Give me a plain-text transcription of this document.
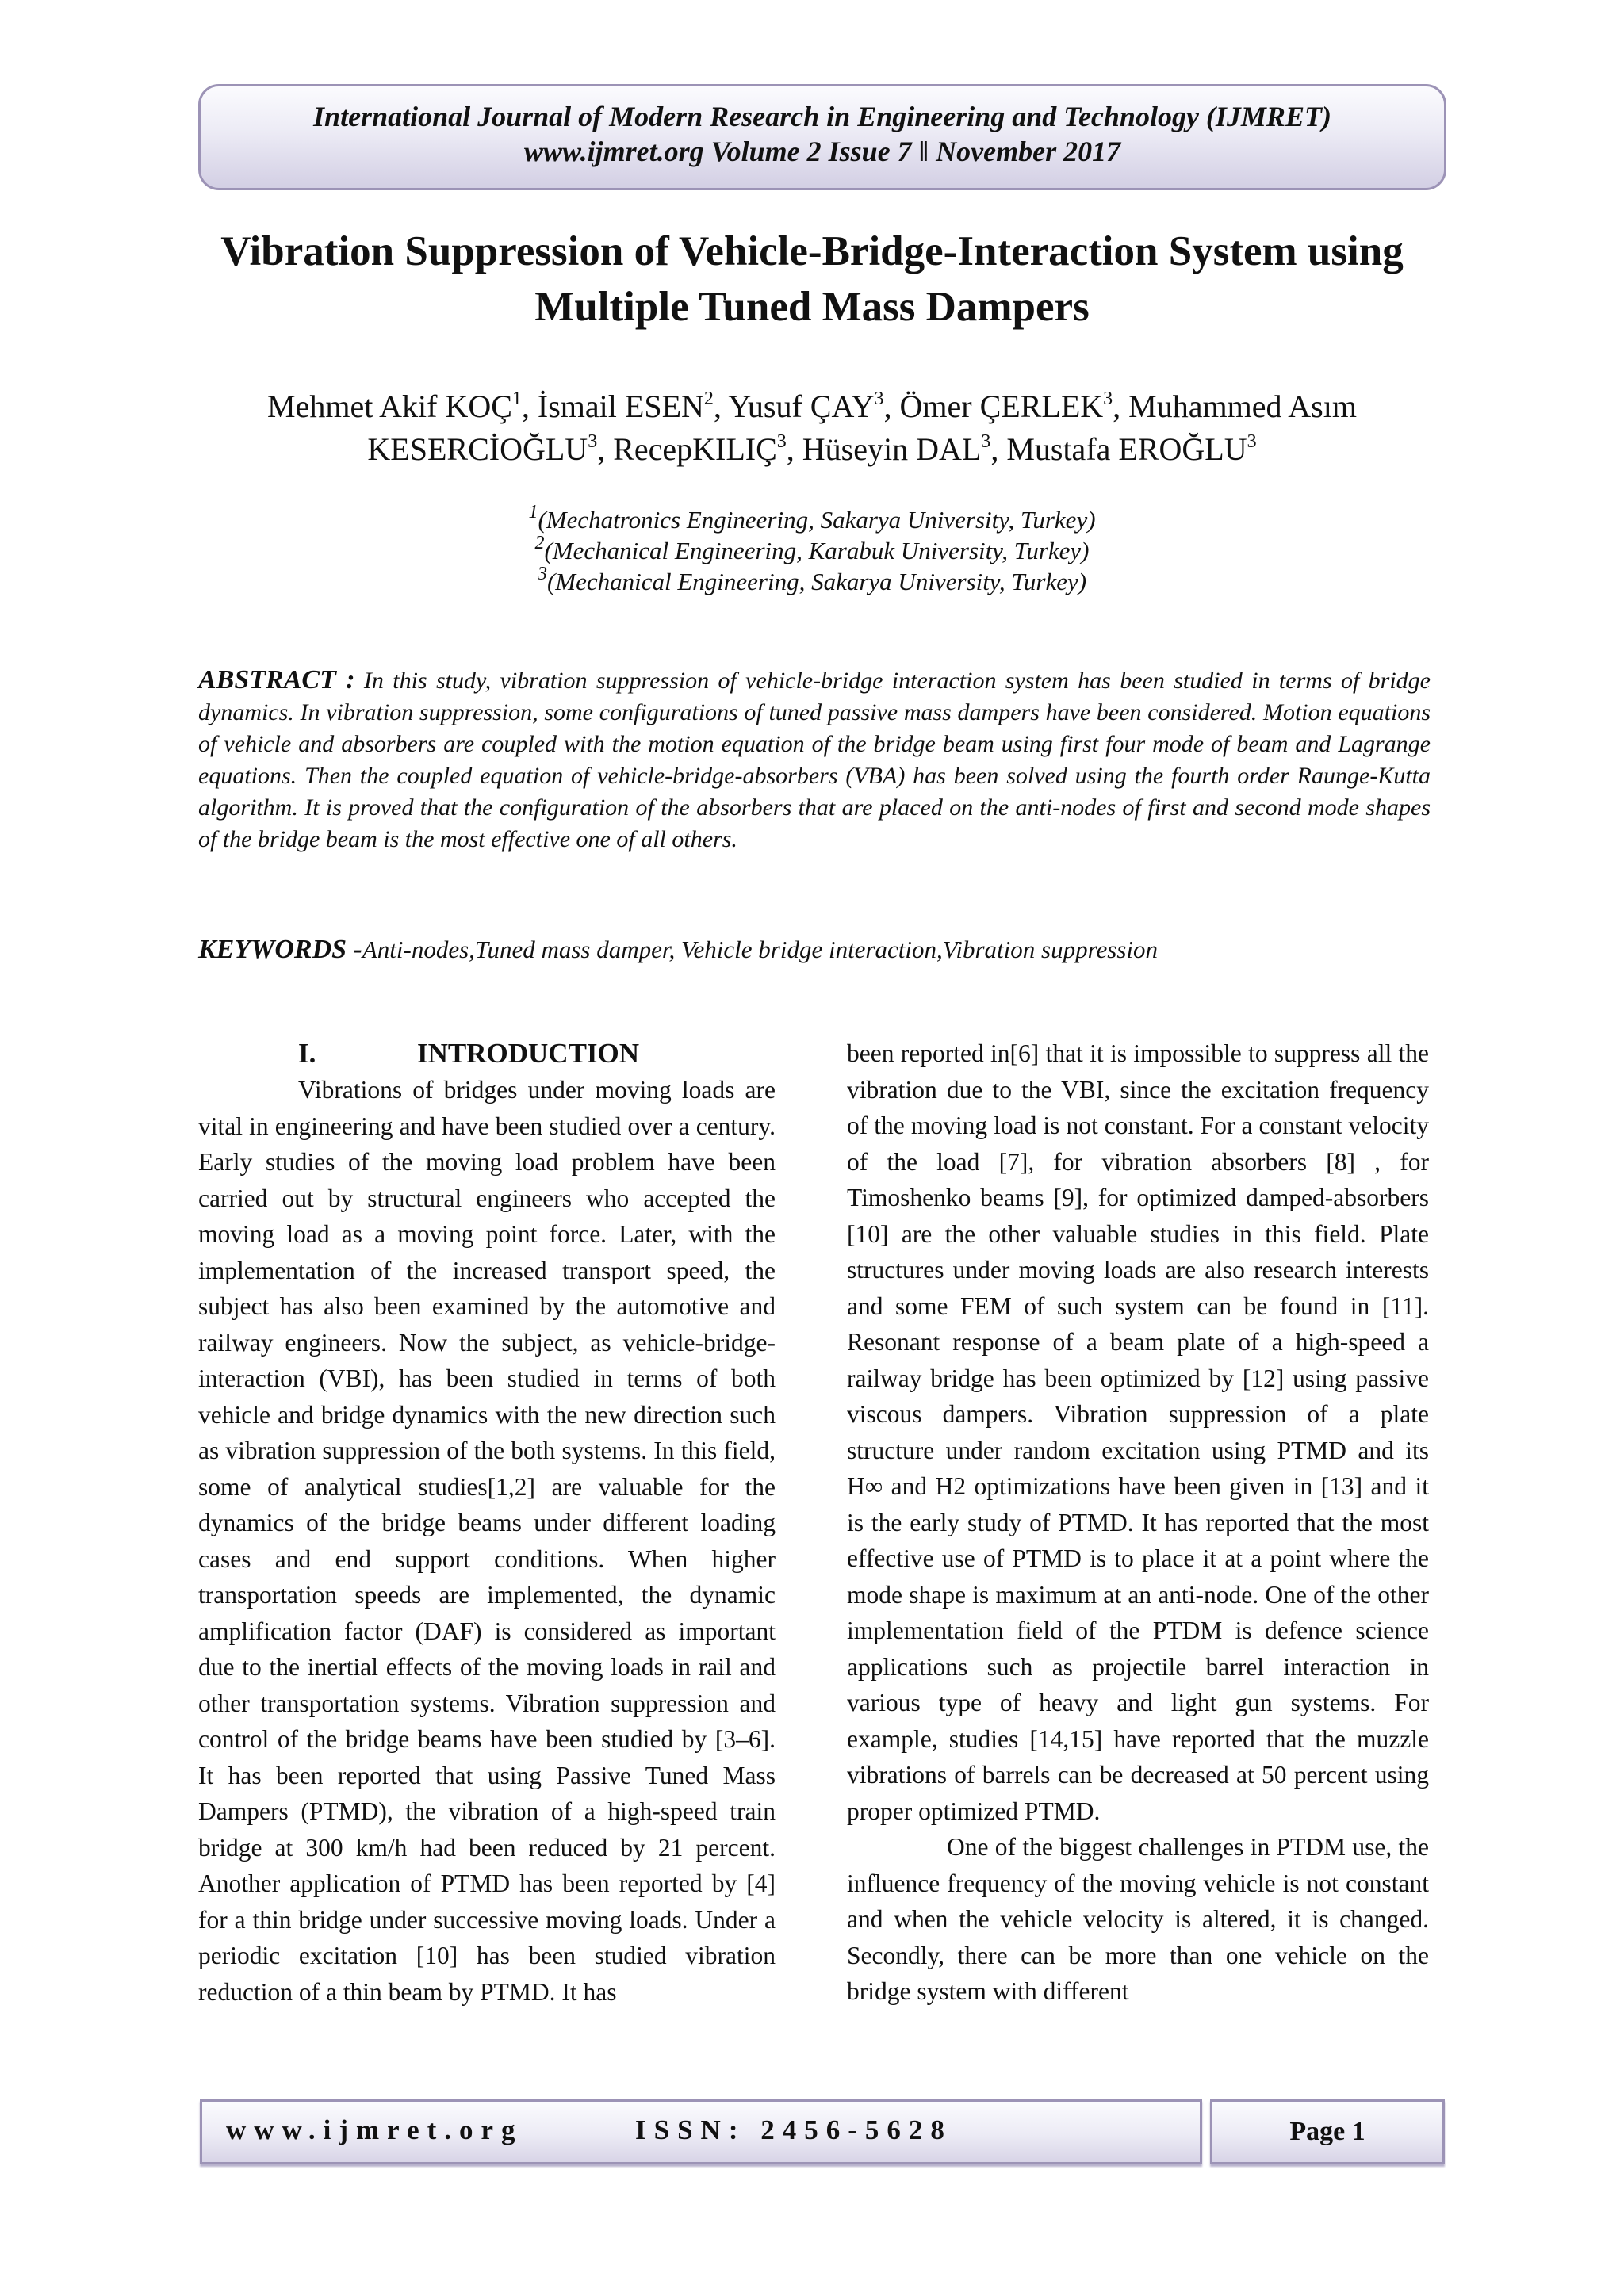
International Journal of Modern Research in Engineering and Technology (IJMRET)
www.ijmret.org Volume 2 Issue 7 ǁ November 2017
Vibration Suppression of Vehicle-Bridge-Interaction System using
Multiple Tuned Mass Dampers
Mehmet Akif KOÇ$^1$, İsmail ESEN$^2$, Yusuf ÇAY$^3$, Ömer ÇERLEK$^3$, Muhammed Asım KESERCİOĞLU$^3$, RecepKILIÇ$^3$, Hüseyin DAL$^3$, Mustafa EROĞLU$^3$
$^1$(Mechatronics Engineering, Sakarya University, Turkey)
$^2$(Mechanical Engineering, Karabuk University, Turkey)
$^3$(Mechanical Engineering, Sakarya University, Turkey)
ABSTRACT : In this study, vibration suppression of vehicle-bridge interaction system has been studied in terms of bridge dynamics. In vibration suppression, some configurations of tuned passive mass dampers have been considered. Motion equations of vehicle and absorbers are coupled with the motion equation of the bridge beam using first four mode of beam and Lagrange equations. Then the coupled equation of vehicle-bridge-absorbers (VBA) has been solved using the fourth order Raunge-Kutta algorithm. It is proved that the configuration of the absorbers that are placed on the anti-nodes of first and second mode shapes of the bridge beam is the most effective one of all others.
KEYWORDS -Anti-nodes,Tuned mass damper, Vehicle bridge interaction,Vibration suppression
I.	INTRODUCTION

Vibrations of bridges under moving loads are vital in engineering and have been studied over a century. Early studies of the moving load problem have been carried out by structural engineers who accepted the moving load as a moving point force. Later, with the implementation of the increased transport speed, the subject has also been examined by the automotive and railway engineers. Now the subject, as vehicle-bridge-interaction (VBI), has been studied in terms of both vehicle and bridge dynamics with the new direction such as vibration suppression of the both systems. In this field, some of analytical studies[1,2] are valuable for the dynamics of the bridge beams under different loading cases and end support conditions. When higher transportation speeds are implemented, the dynamic amplification factor (DAF) is considered as important due to the inertial effects of the moving loads in rail and other transportation systems. Vibration suppression and control of the bridge beams have been studied by [3–6]. It has been reported that using Passive Tuned Mass Dampers (PTMD), the vibration of a high-speed train bridge at 300 km/h had been reduced by 21 percent. Another application of PTMD has been reported by [4] for a thin bridge under successive moving loads. Under a periodic excitation [10] has been studied vibration reduction of a thin beam by PTMD. It has

been reported in[6] that it is impossible to suppress all the vibration due to the VBI, since the excitation frequency of the moving load is not constant. For a constant velocity of the load [7], for vibration absorbers [8] , for Timoshenko beams [9], for optimized damped-absorbers [10] are the other valuable studies in this field. Plate structures under moving loads are also research interests and some FEM of such system can be found in [11]. Resonant response of a beam plate of a high-speed a railway bridge has been optimized by [12] using passive viscous dampers. Vibration suppression of a plate structure under random excitation using PTMD and its H∞ and H2 optimizations have been given in [13] and it is the early study of PTMD. It has reported that the most effective use of PTMD is to place it at a point where the mode shape is maximum at an anti-node. One of the other implementation field of the PTDM is defence science applications such as projectile barrel interaction in various type of heavy and light gun systems. For example, studies [14,15] have reported that the muzzle vibrations of barrels can be decreased at 50 percent using proper optimized PTMD.

One of the biggest challenges in PTDM use, the influence frequency of the moving vehicle is not constant and when the vehicle velocity is altered, it is changed. Secondly, there can be more than one vehicle on the bridge system with different

www.ijmret.org	ISSN: 2456-5628	Page 1
